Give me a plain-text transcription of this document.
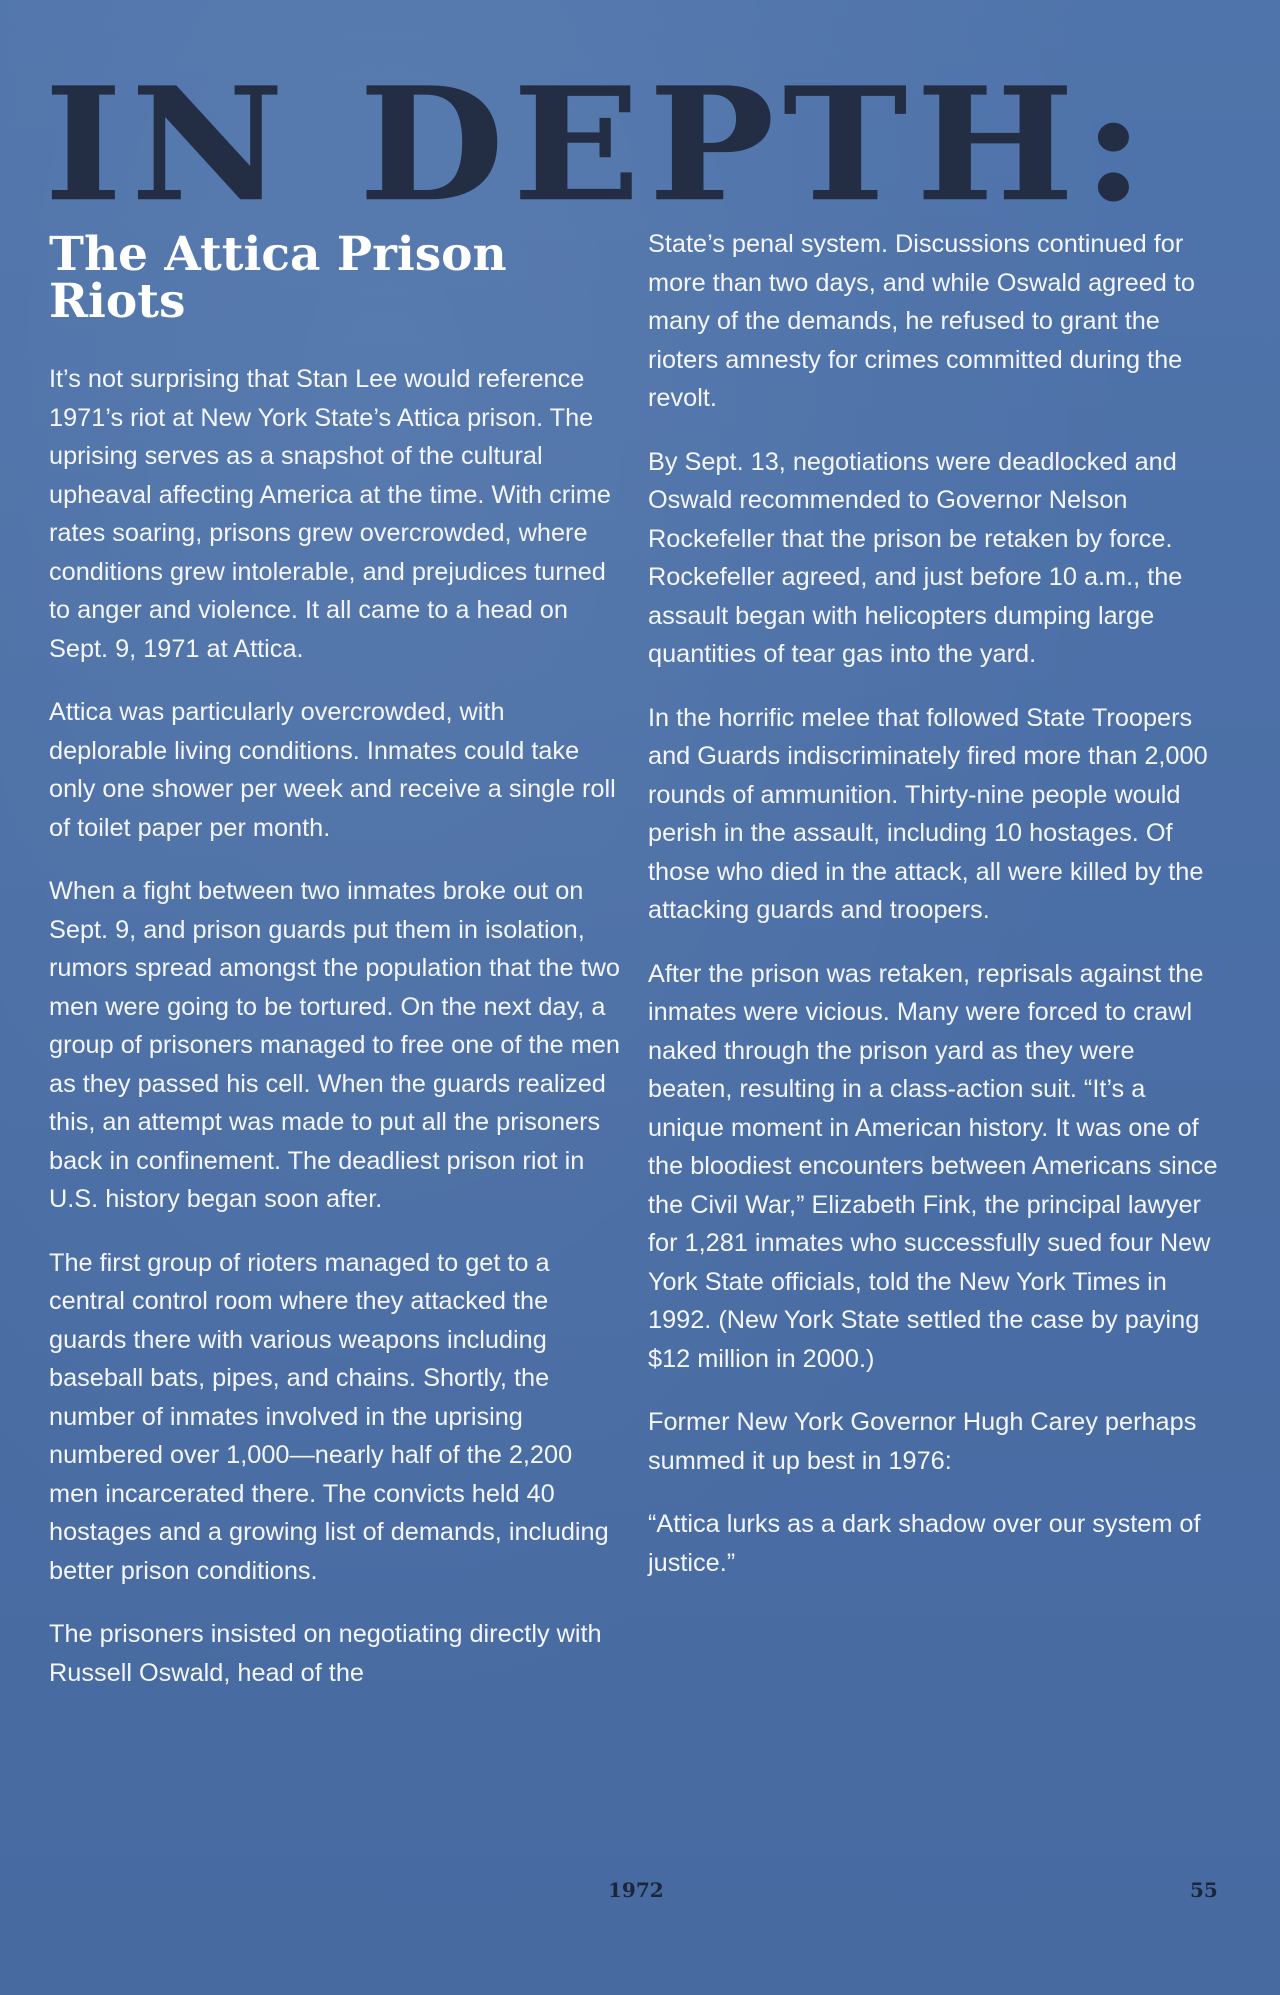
IN DEPTH:
The Attica Prison Riots

It’s not surprising that Stan Lee would reference 1971’s riot at New York State’s Attica prison. The uprising serves as a snapshot of the cultural upheaval affecting America at the time. With crime rates soaring, prisons grew overcrowded, where conditions grew intolerable, and prejudices turned to anger and violence. It all came to a head on Sept. 9, 1971 at Attica.

Attica was particularly overcrowded, with deplorable living conditions. Inmates could take only one shower per week and receive a single roll of toilet paper per month.

When a fight between two inmates broke out on Sept. 9, and prison guards put them in isolation, rumors spread amongst the population that the two men were going to be tortured. On the next day, a group of prisoners managed to free one of the men as they passed his cell. When the guards realized this, an attempt was made to put all the prisoners back in confinement. The deadliest prison riot in U.S. history began soon after.

The first group of rioters managed to get to a central control room where they attacked the guards there with various weapons including baseball bats, pipes, and chains. Shortly, the number of inmates involved in the uprising numbered over 1,000—nearly half of the 2,200 men incarcerated there. The convicts held 40 hostages and a growing list of demands, including better prison conditions.

The prisoners insisted on negotiating directly with Russell Oswald, head of the

State’s penal system. Discussions continued for more than two days, and while Oswald agreed to many of the demands, he refused to grant the rioters amnesty for crimes committed during the revolt.

By Sept. 13, negotiations were deadlocked and Oswald recommended to Governor Nelson Rockefeller that the prison be retaken by force. Rockefeller agreed, and just before 10 a.m., the assault began with helicopters dumping large quantities of tear gas into the yard.

In the horrific melee that followed State Troopers and Guards indiscriminately fired more than 2,000 rounds of ammunition. Thirty-nine people would perish in the assault, including 10 hostages. Of those who died in the attack, all were killed by the attacking guards and troopers.

After the prison was retaken, reprisals against the inmates were vicious. Many were forced to crawl naked through the prison yard as they were beaten, resulting in a class-action suit. “It’s a unique moment in American history. It was one of the bloodiest encounters between Americans since the Civil War,” Elizabeth Fink, the principal lawyer for 1,281 inmates who successfully sued four New York State officials, told the New York Times in 1992. (New York State settled the case by paying $12 million in 2000.)

Former New York Governor Hugh Carey perhaps summed it up best in 1976:

“Attica lurks as a dark shadow over our system of justice.”

1972	55
